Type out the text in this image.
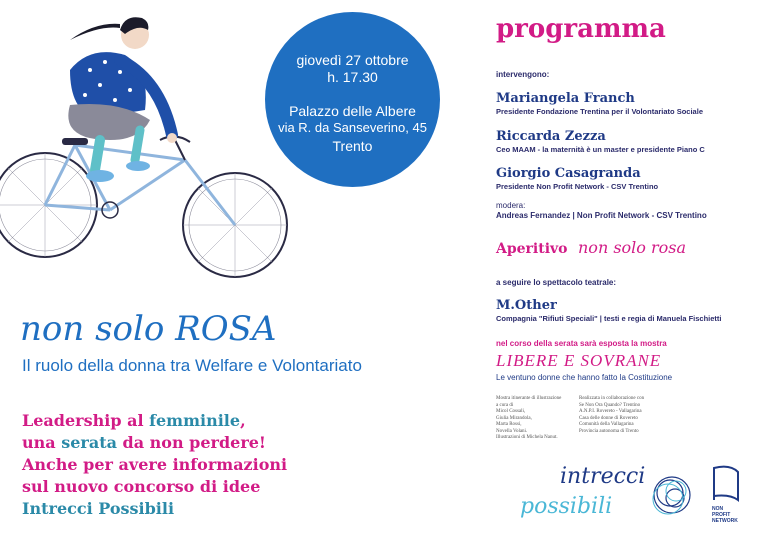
giovedì 27 ottobre
h. 17.30
Palazzo delle Albere
via R. da Sanseverino, 45
Trento
non solo ROSA
Il ruolo della donna tra Welfare e Volontariato
Leadership al femminile,
una serata da non perdere!
Anche per avere informazioni
sul nuovo concorso di idee
Intrecci Possibili
programma
intervengono:
Mariangela Franch
Presidente Fondazione Trentina per il Volontariato Sociale
Riccarda Zezza
Ceo MAAM - la maternità è un master e presidente Piano C
Giorgio Casagranda
Presidente Non Profit Network - CSV Trentino
modera:
Andreas Fernandez | Non Profit Network - CSV Trentino
Aperitivo non solo rosa
a seguire lo spettacolo teatrale:
M.Other
Compagnia "Rifiuti Speciali" | testi e regia di Manuela Fischietti
nel corso della serata sarà esposta la mostra
LIBERE E SOVRANE
Le ventuno donne che hanno fatto la Costituzione
Mostra itinerante di illustrazione
a cura di
Micol Cossali,
Giulia Mirandola,
Marta Rossi,
Novella Volani.
Illustrazioni di Michela Nanut.
Realizzata in collaborazione con
Se Non Ora Quando? Trentino
A.N.P.I. Rovereto - Vallagarina
Casa delle donne di Rovereto
Comunità della Vallagarina
Provincia autonoma di Trento
intrecci
possibili	NON
PROFIT
NETWORK
